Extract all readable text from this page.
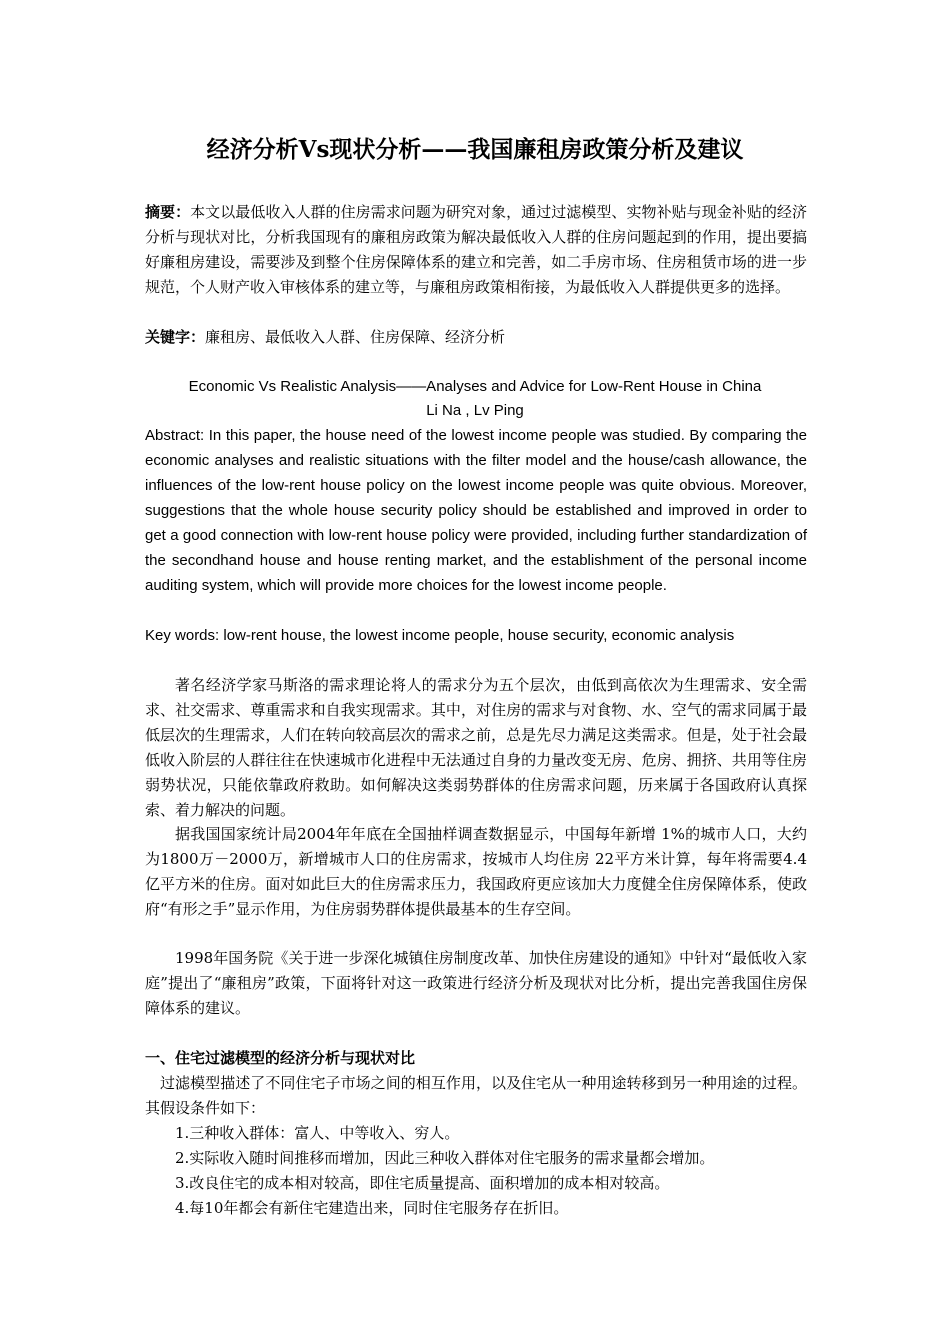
经济分析Vs现状分析——我国廉租房政策分析及建议

摘要：本文以最低收入人群的住房需求问题为研究对象，通过过滤模型、实物补贴与现金补贴的经济分析与现状对比，分析我国现有的廉租房政策为解决最低收入人群的住房问题起到的作用，提出要搞好廉租房建设，需要涉及到整个住房保障体系的建立和完善，如二手房市场、住房租赁市场的进一步规范，个人财产收入审核体系的建立等，与廉租房政策相衔接，为最低收入人群提供更多的选择。

关键字：廉租房、最低收入人群、住房保障、经济分析

Economic Vs Realistic Analysis——Analyses and Advice for Low-Rent House in China
Li Na , Lv Ping

Abstract: In this paper, the house need of the lowest income people was studied. By comparing the economic analyses and realistic situations with the filter model and the house/cash allowance, the influences of the low-rent house policy on the lowest income people was quite obvious. Moreover, suggestions that the whole house security policy should be established and improved in order to get a good connection with low-rent house policy were provided, including further standardization of the secondhand house and house renting market, and the establishment of the personal income auditing system, which will provide more choices for the lowest income people.

Key words: low-rent house, the lowest income people, house security, economic analysis

著名经济学家马斯洛的需求理论将人的需求分为五个层次，由低到高依次为生理需求、安全需求、社交需求、尊重需求和自我实现需求。其中，对住房的需求与对食物、水、空气的需求同属于最低层次的生理需求，人们在转向较高层次的需求之前，总是先尽力满足这类需求。但是，处于社会最低收入阶层的人群往往在快速城市化进程中无法通过自身的力量改变无房、危房、拥挤、共用等住房弱势状况，只能依靠政府救助。如何解决这类弱势群体的住房需求问题，历来属于各国政府认真探索、着力解决的问题。

据我国国家统计局2004年年底在全国抽样调查数据显示，中国每年新增 1%的城市人口，大约为1800万－2000万，新增城市人口的住房需求，按城市人均住房 22平方米计算，每年将需要4.4亿平方米的住房。面对如此巨大的住房需求压力，我国政府更应该加大力度健全住房保障体系，使政府“有形之手”显示作用，为住房弱势群体提供最基本的生存空间。

1998年国务院《关于进一步深化城镇住房制度改革、加快住房建设的通知》中针对“最低收入家庭”提出了“廉租房”政策，下面将针对这一政策进行经济分析及现状对比分析，提出完善我国住房保障体系的建议。

一、住宅过滤模型的经济分析与现状对比

过滤模型描述了不同住宅子市场之间的相互作用，以及住宅从一种用途转移到另一种用途的过程。其假设条件如下：

1.三种收入群体：富人、中等收入、穷人。

2.实际收入随时间推移而增加，因此三种收入群体对住宅服务的需求量都会增加。

3.改良住宅的成本相对较高，即住宅质量提高、面积增加的成本相对较高。

4.每10年都会有新住宅建造出来，同时住宅服务存在折旧。
